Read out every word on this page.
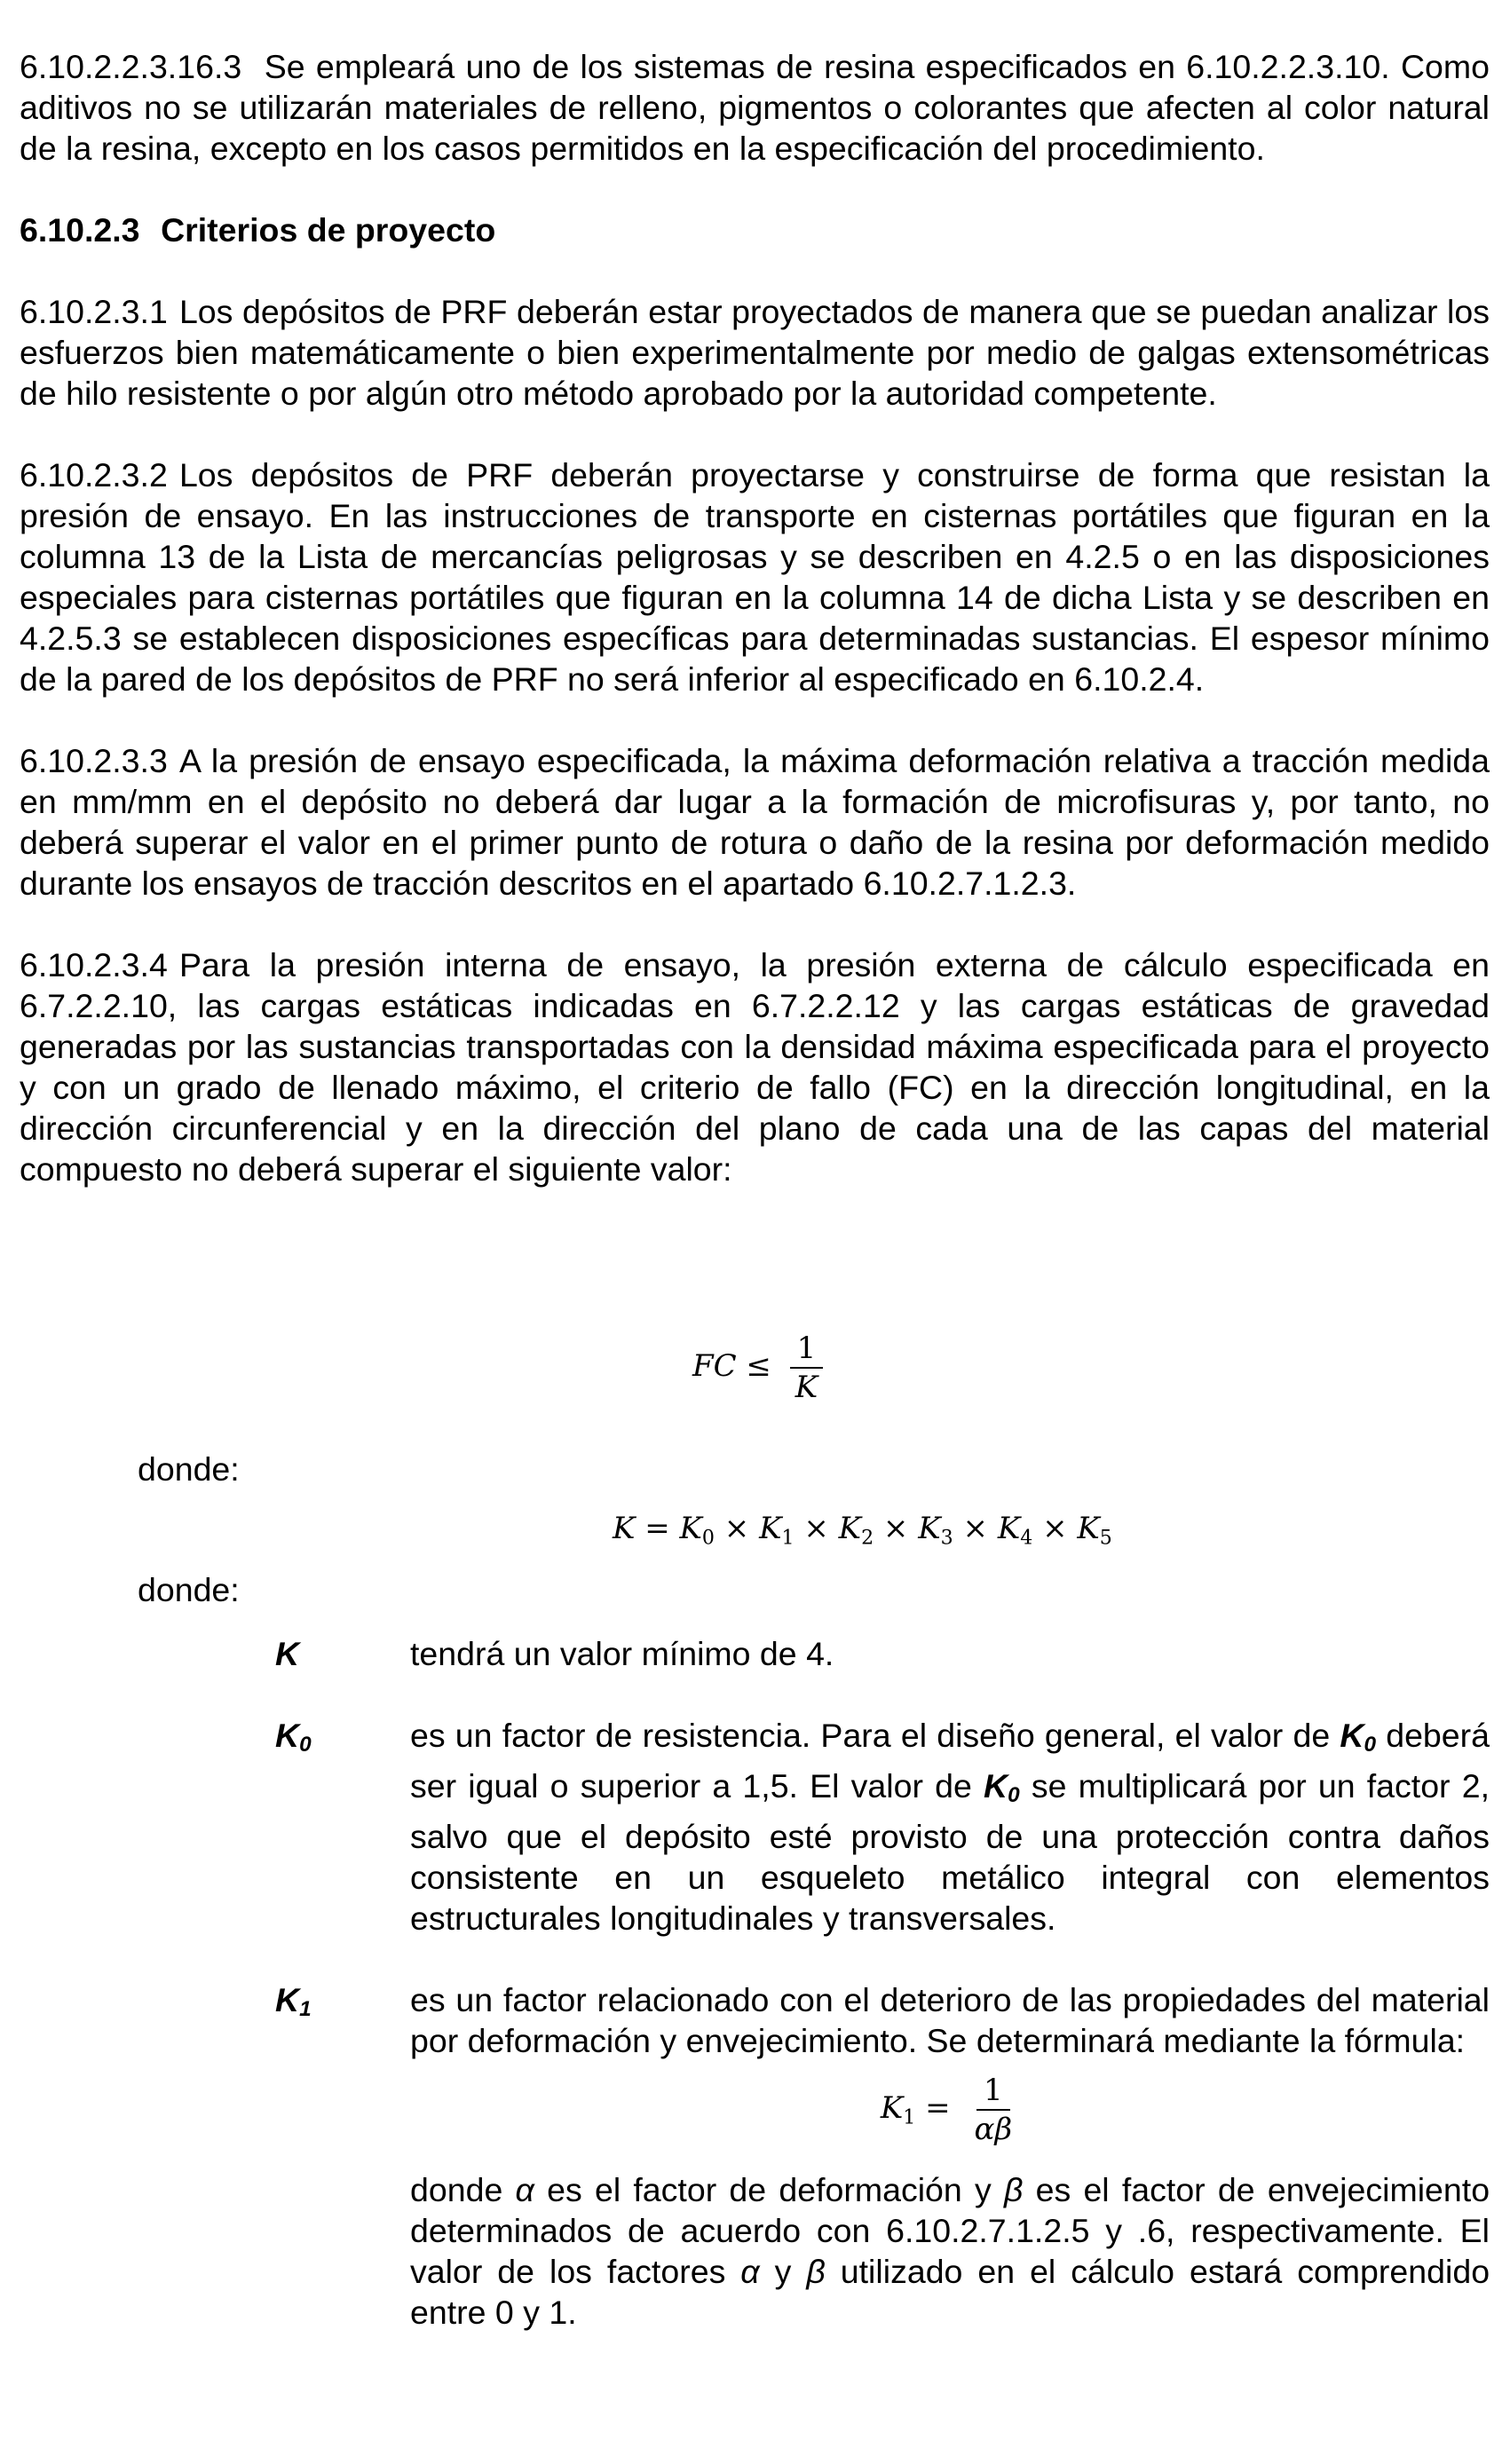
6.10.2.2.3.16.3 Se empleará uno de los sistemas de resina especificados en 6.10.2.2.3.10. Como aditivos no se utilizarán materiales de relleno, pigmentos o colorantes que afecten al color natural de la resina, excepto en los casos permitidos en la especificación del procedimiento.

6.10.2.3 Criterios de proyecto

6.10.2.3.1 Los depósitos de PRF deberán estar proyectados de manera que se puedan analizar los esfuerzos bien matemáticamente o bien experimentalmente por medio de galgas extensométricas de hilo resistente o por algún otro método aprobado por la autoridad competente.

6.10.2.3.2 Los depósitos de PRF deberán proyectarse y construirse de forma que resistan la presión de ensayo. En las instrucciones de transporte en cisternas portátiles que figuran en la columna 13 de la Lista de mercancías peligrosas y se describen en 4.2.5 o en las disposiciones especiales para cisternas portátiles que figuran en la columna 14 de dicha Lista y se describen en 4.2.5.3 se establecen disposiciones específicas para determinadas sustancias. El espesor mínimo de la pared de los depósitos de PRF no será inferior al especificado en 6.10.2.4.

6.10.2.3.3 A la presión de ensayo especificada, la máxima deformación relativa a tracción medida en mm/mm en el depósito no deberá dar lugar a la formación de microfisuras y, por tanto, no deberá superar el valor en el primer punto de rotura o daño de la resina por deformación medido durante los ensayos de tracción descritos en el apartado 6.10.2.7.1.2.3.

6.10.2.3.4 Para la presión interna de ensayo, la presión externa de cálculo especificada en 6.7.2.2.10, las cargas estáticas indicadas en 6.7.2.2.12 y las cargas estáticas de gravedad generadas por las sustancias transportadas con la densidad máxima especificada para el proyecto y con un grado de llenado máximo, el criterio de fallo (FC) en la dirección longitudinal, en la dirección circunferencial y en la dirección del plano de cada una de las capas del material compuesto no deberá superar el siguiente valor:

FC ≤ $\frac{1}{K}$
donde:
$K = K_0 \times K_1 \times K_2 \times K_3 \times K_4 \times K_5$
donde:
K	tendrá un valor mínimo de 4.
$K_0$	es un factor de resistencia. Para el diseño general, el valor de $K_0$ deberá ser igual o superior a 1,5. El valor de $K_0$ se multiplicará por un factor 2, salvo que el depósito esté provisto de una protección contra daños consistente en un esqueleto metálico integral con elementos estructurales longitudinales y transversales.
$K_1$	es un factor relacionado con el deterioro de las propiedades del material por deformación y envejecimiento. Se determinará mediante la fórmula:
$K_1 = \frac{1}{\alpha\beta}$
donde α es el factor de deformación y β es el factor de envejecimiento determinados de acuerdo con 6.10.2.7.1.2.5 y .6, respectivamente. El valor de los factores α y β utilizado en el cálculo estará comprendido entre 0 y 1.
